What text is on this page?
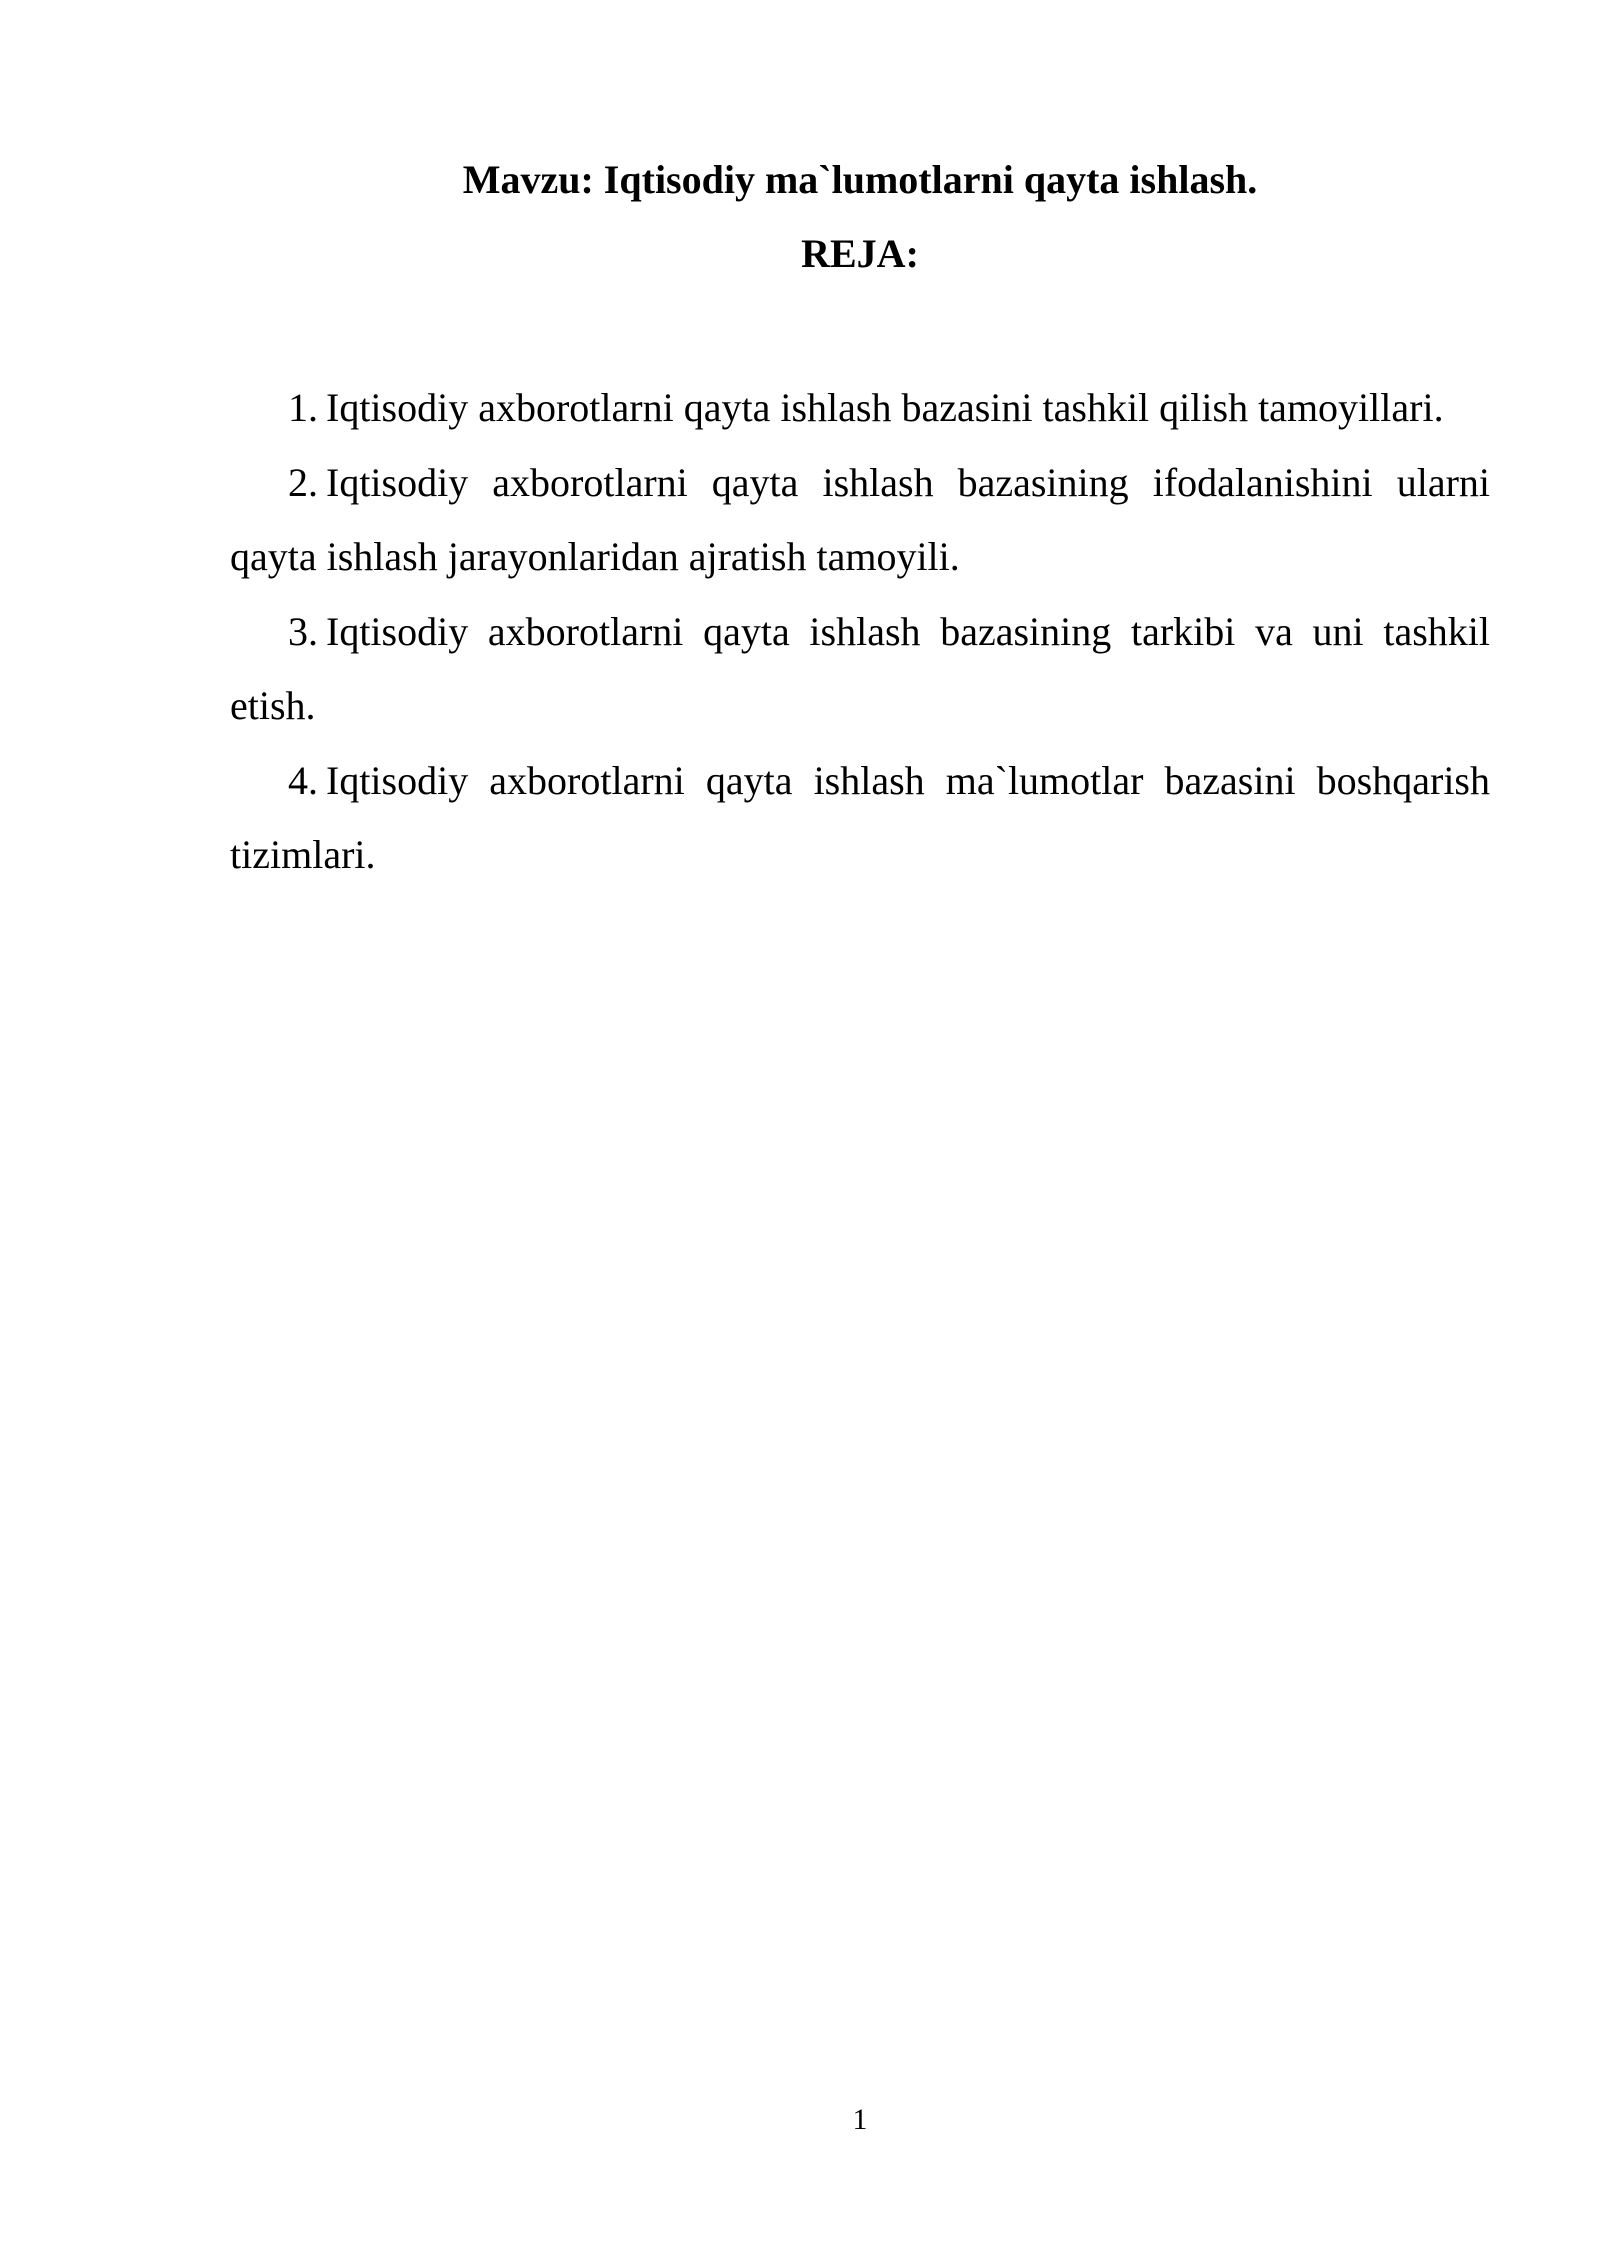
Mavzu: Iqtisodiy ma`lumotlarni qayta ishlash.
REJA:
1. Iqtisodiy axborotlarni qayta ishlash bazasini tashkil qilish tamoyillari.
2. Iqtisodiy axborotlarni qayta ishlash bazasining ifodalanishini ularni qayta ishlash jarayonlaridan ajratish tamoyili.
3. Iqtisodiy axborotlarni qayta ishlash bazasining tarkibi va uni tashkil etish.
4. Iqtisodiy axborotlarni qayta ishlash ma`lumotlar bazasini boshqarish tizimlari.
1
